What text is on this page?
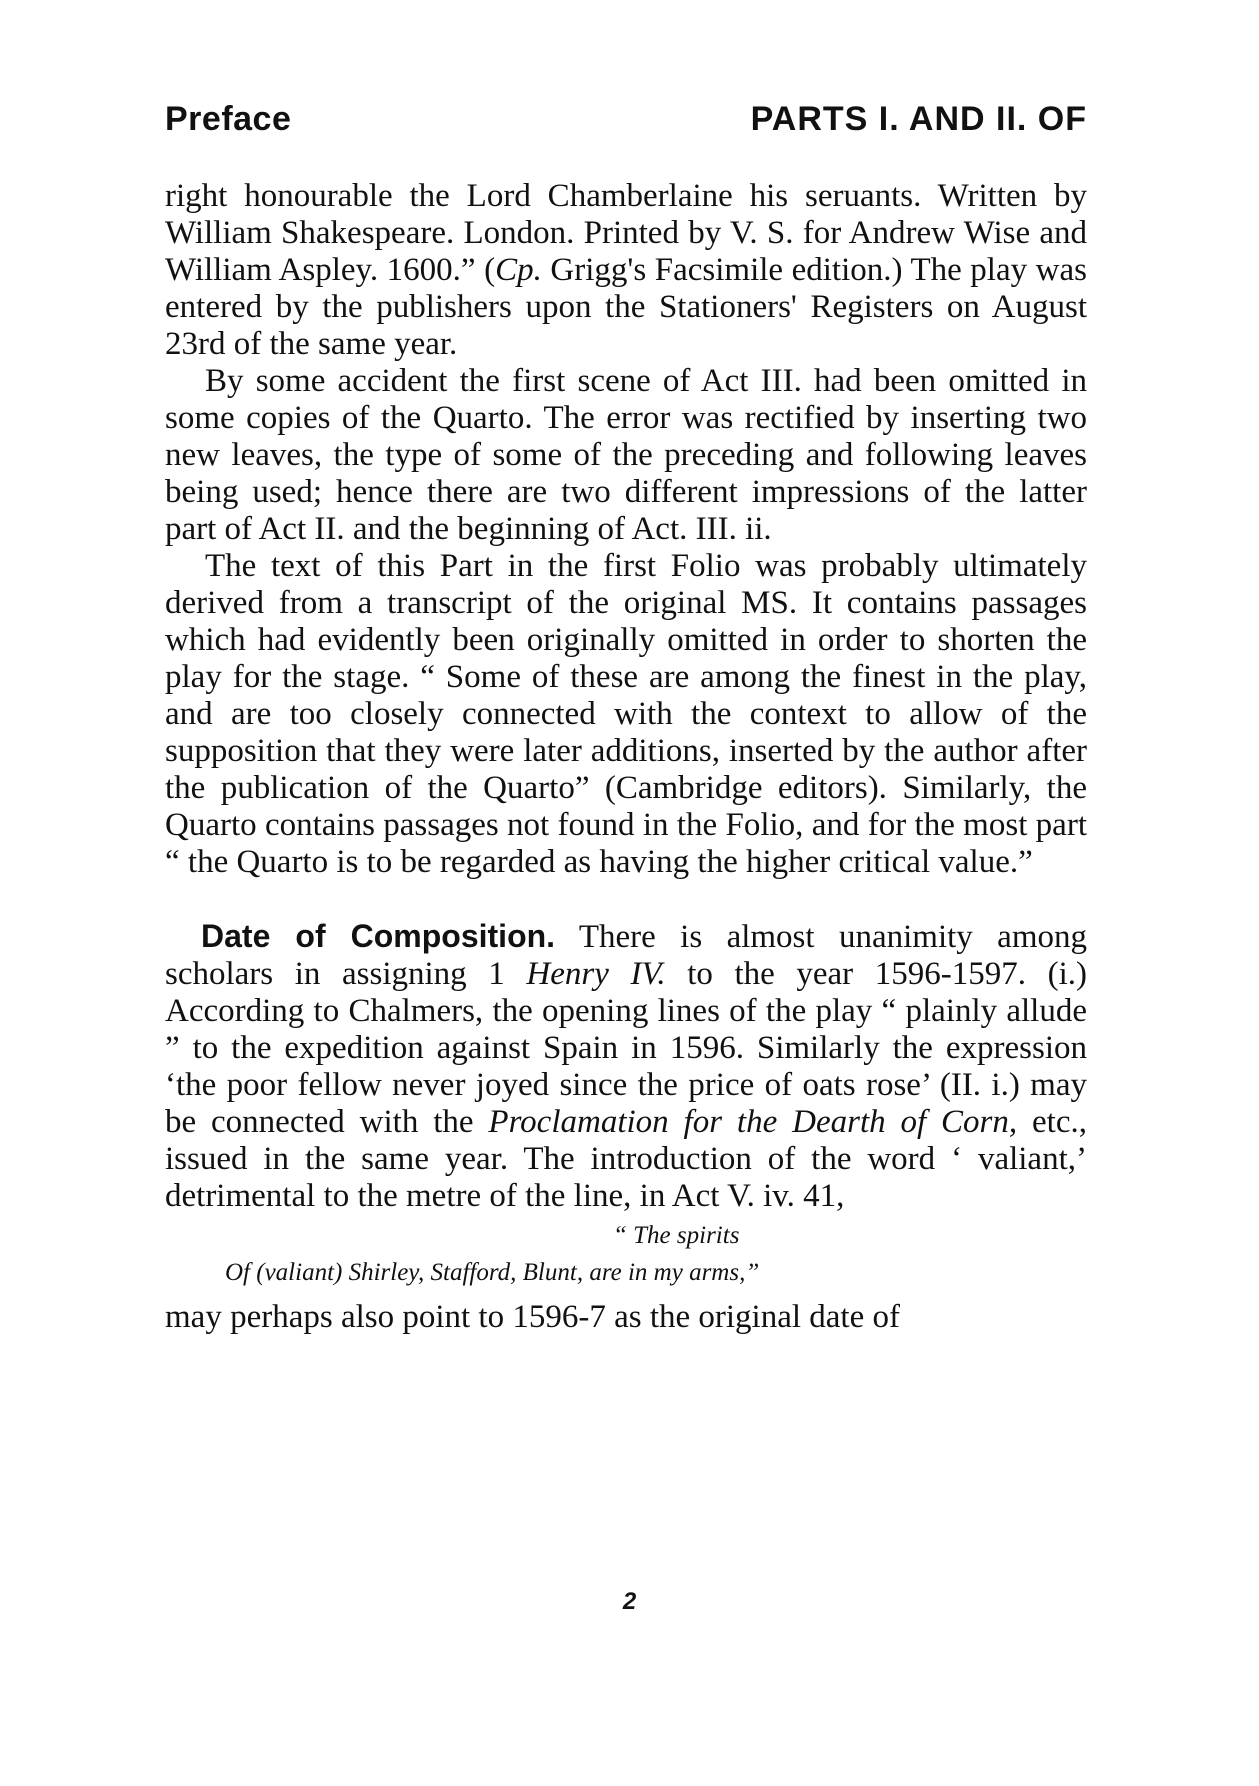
Preface	PARTS I. AND II. OF

right honourable the Lord Chamberlaine his seruants. Written by William Shakespeare. London. Printed by V. S. for Andrew Wise and William Aspley. 1600.” (Cp. Grigg's Facsimile edition.) The play was entered by the publishers upon the Stationers' Registers on August 23rd of the same year.

By some accident the first scene of Act III. had been omitted in some copies of the Quarto. The error was rectified by inserting two new leaves, the type of some of the preceding and following leaves being used; hence there are two different impressions of the latter part of Act II. and the beginning of Act. III. ii.

The text of this Part in the first Folio was probably ultimately derived from a transcript of the original MS. It contains passages which had evidently been originally omitted in order to shorten the play for the stage. “ Some of these are among the finest in the play, and are too closely connected with the context to allow of the supposition that they were later additions, inserted by the author after the publication of the Quarto” (Cambridge editors). Similarly, the Quarto contains passages not found in the Folio, and for the most part “ the Quarto is to be regarded as having the higher critical value.”

Date of Composition. There is almost unanimity among scholars in assigning 1 Henry IV. to the year 1596-1597. (i.) According to Chalmers, the opening lines of the play “ plainly allude ” to the expedition against Spain in 1596. Similarly the expression ‘the poor fellow never joyed since the price of oats rose’ (II. i.) may be connected with the Proclamation for the Dearth of Corn, etc., issued in the same year. The introduction of the word ‘ valiant,’ detrimental to the metre of the line, in Act V. iv. 41,

“ The spirits
Of (valiant) Shirley, Stafford, Blunt, are in my arms,”

may perhaps also point to 1596-7 as the original date of

2
